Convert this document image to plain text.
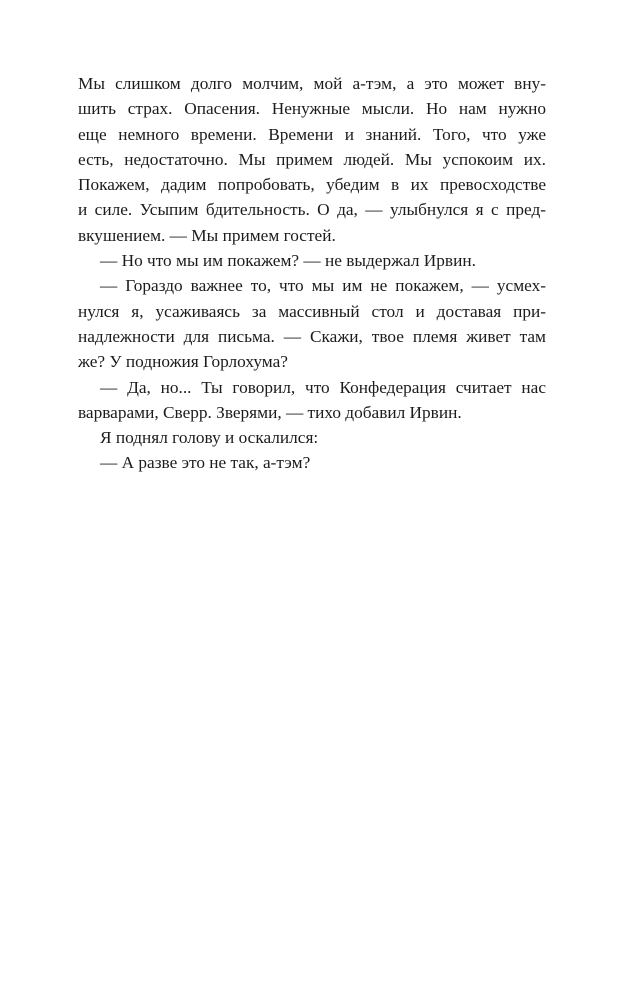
Мы слишком долго молчим, мой а-тэм, а это может вну-
шить страх. Опасения. Ненужные мысли. Но нам нужно
еще немного времени. Времени и знаний. Того, что уже
есть, недостаточно. Мы примем людей. Мы успокоим их.
Покажем, дадим попробовать, убедим в их превосходстве
и силе. Усыпим бдительность. О да, — улыбнулся я с пред-
вкушением. — Мы примем гостей.
— Но что мы им покажем? — не выдержал Ирвин.
— Гораздо важнее то, что мы им не покажем, — усмех-
нулся я, усаживаясь за массивный стол и доставая при-
надлежности для письма. — Скажи, твое племя живет там
же? У подножия Горлохума?
— Да, но... Ты говорил, что Конфедерация считает нас
варварами, Сверр. Зверями, — тихо добавил Ирвин.
Я поднял голову и оскалился:
— А разве это не так, а-тэм?
